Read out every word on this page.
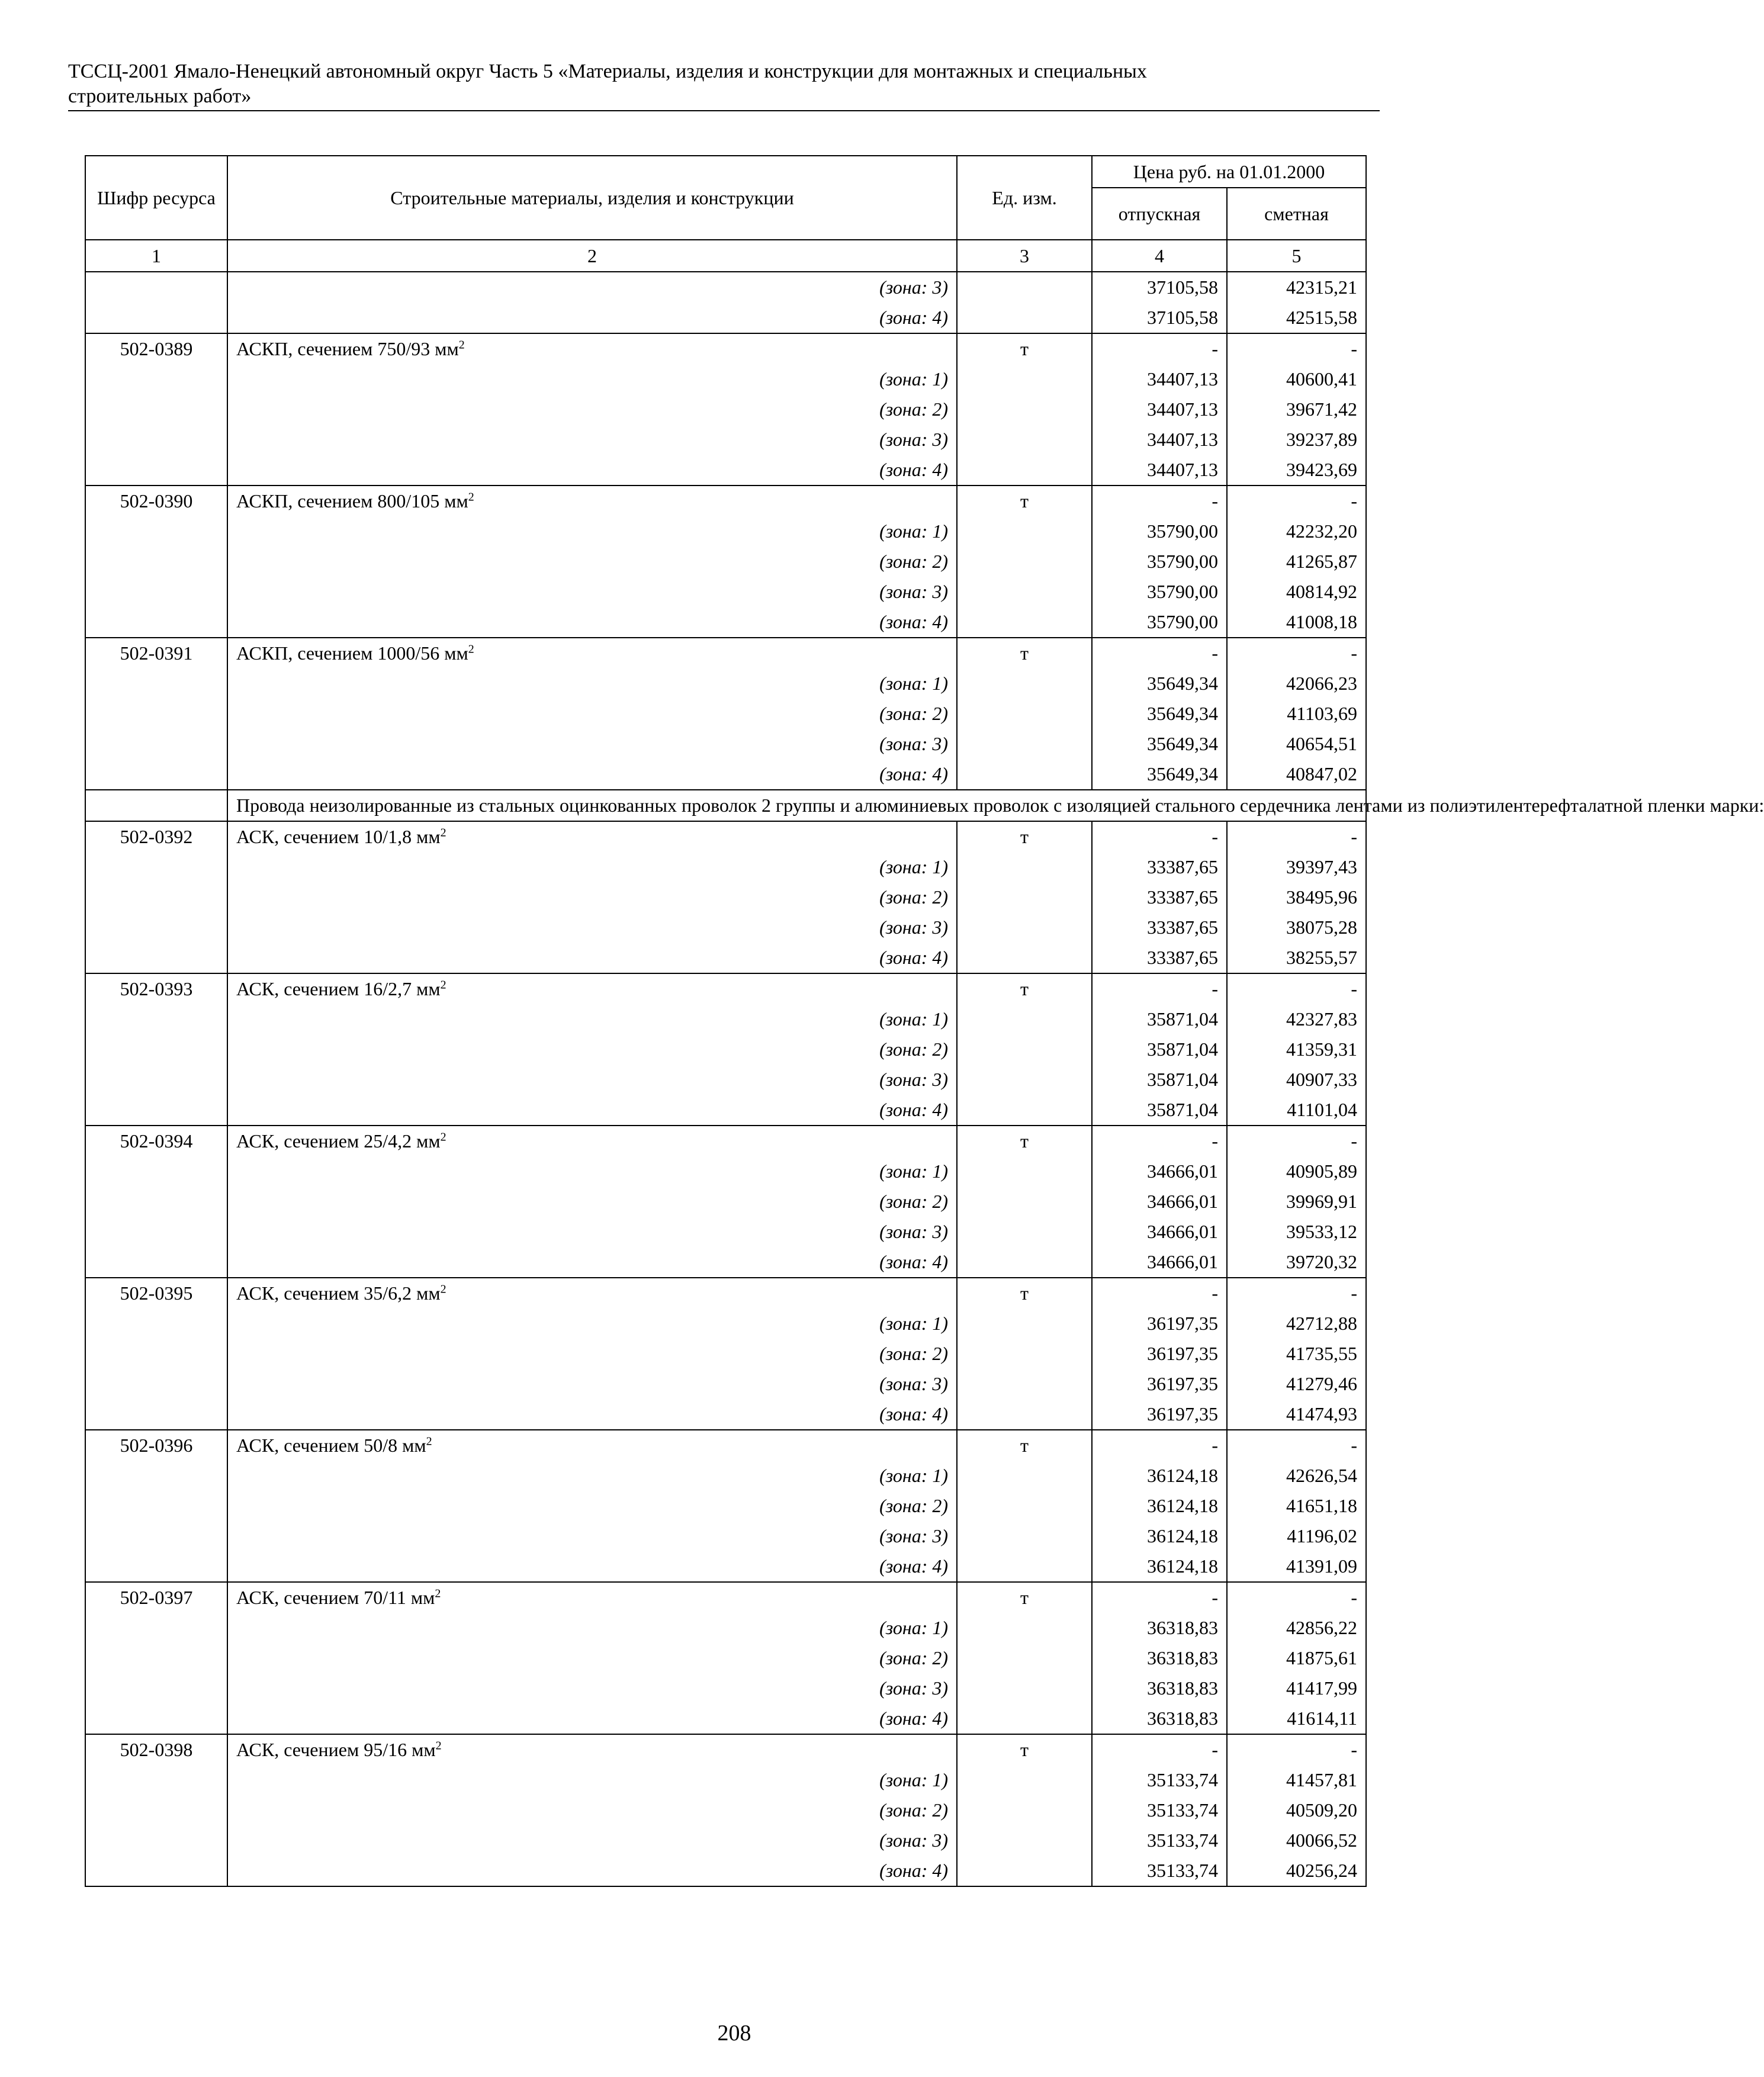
ТССЦ-2001 Ямало-Ненецкий автономный округ Часть 5 «Материалы, изделия и конструкции для монтажных и специальных
строительных работ»
Шифр ресурса	Строительные материалы, изделия и конструкции	Ед. изм.	Цена руб. на 01.01.2000	
			отпускная	сметная
1	2	3	4	5
	(зона: 3)		37105,58	42315,21
	(зона: 4)		37105,58	42515,58
502-0389	АСКП, сечением 750/93 $мм^2$	т	-	-
	(зона: 1)		34407,13	40600,41
	(зона: 2)		34407,13	39671,42
	(зона: 3)		34407,13	39237,89
	(зона: 4)		34407,13	39423,69
502-0390	АСКП, сечением 800/105 $мм^2$	т	-	-
	(зона: 1)		35790,00	42232,20
	(зона: 2)		35790,00	41265,87
	(зона: 3)		35790,00	40814,92
	(зона: 4)		35790,00	41008,18
502-0391	АСКП, сечением 1000/56 $мм^2$	т	-	-
	(зона: 1)		35649,34	42066,23
	(зона: 2)		35649,34	41103,69
	(зона: 3)		35649,34	40654,51
	(зона: 4)		35649,34	40847,02
	Провода неизолированные из стальных оцинкованных проволок 2 группы и алюминиевых проволок с изоляцией стального сердечника лентами из полиэтилентерефталатной пленки марки:			
502-0392	АСК, сечением 10/1,8 $мм^2$	т	-	-
	(зона: 1)		33387,65	39397,43
	(зона: 2)		33387,65	38495,96
	(зона: 3)		33387,65	38075,28
	(зона: 4)		33387,65	38255,57
502-0393	АСК, сечением 16/2,7 $мм^2$	т	-	-
	(зона: 1)		35871,04	42327,83
	(зона: 2)		35871,04	41359,31
	(зона: 3)		35871,04	40907,33
	(зона: 4)		35871,04	41101,04
502-0394	АСК, сечением 25/4,2 $мм^2$	т	-	-
	(зона: 1)		34666,01	40905,89
	(зона: 2)		34666,01	39969,91
	(зона: 3)		34666,01	39533,12
	(зона: 4)		34666,01	39720,32
502-0395	АСК, сечением 35/6,2 $мм^2$	т	-	-
	(зона: 1)		36197,35	42712,88
	(зона: 2)		36197,35	41735,55
	(зона: 3)		36197,35	41279,46
	(зона: 4)		36197,35	41474,93
502-0396	АСК, сечением 50/8 $мм^2$	т	-	-
	(зона: 1)		36124,18	42626,54
	(зона: 2)		36124,18	41651,18
	(зона: 3)		36124,18	41196,02
	(зона: 4)		36124,18	41391,09
502-0397	АСК, сечением 70/11 $мм^2$	т	-	-
	(зона: 1)		36318,83	42856,22
	(зона: 2)		36318,83	41875,61
	(зона: 3)		36318,83	41417,99
	(зона: 4)		36318,83	41614,11
502-0398	АСК, сечением 95/16 $мм^2$	т	-	-
	(зона: 1)		35133,74	41457,81
	(зона: 2)		35133,74	40509,20
	(зона: 3)		35133,74	40066,52
	(зона: 4)		35133,74	40256,24
208
